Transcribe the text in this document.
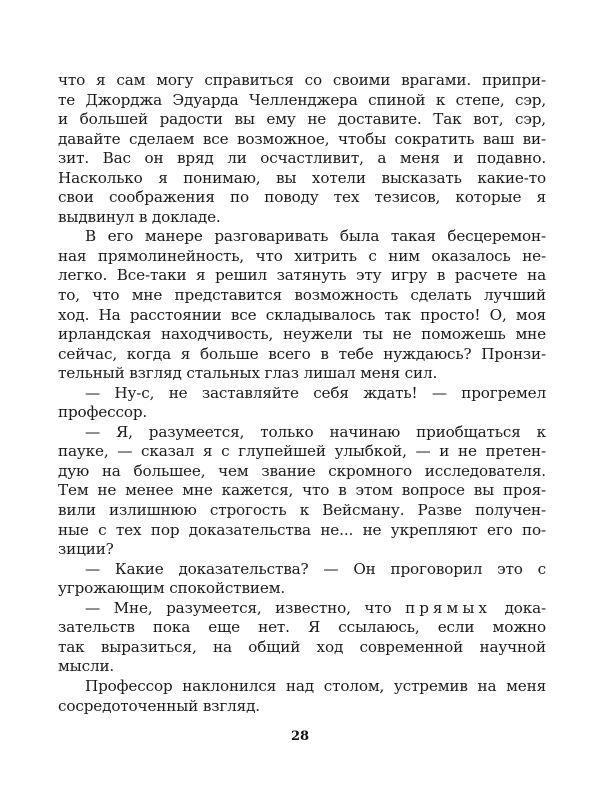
что я сам могу справиться со своими врагами. припри-
те Джорджа Эдуарда Челленджера спиной к степе, сэр,
и большей радости вы ему не доставите. Так вот, сэр,
давайте сделаем все возможное, чтобы сократить ваш ви-
зит. Вас он вряд ли осчастливит, а меня и подавно.
Насколько я понимаю, вы хотели высказать какие-то
свои соображения по поводу тех тезисов, которые я
выдвинул в докладе.
В его манере разговаривать была такая бесцеремон-
ная прямолинейность, что хитрить с ним оказалось не-
легко. Все-таки я решил затянуть эту игру в расчете на
то, что мне представится возможность сделать лучший
ход. На расстоянии все складывалось так просто! О, моя
ирландская находчивость, неужели ты не поможешь мне
сейчас, когда я больше всего в тебе нуждаюсь? Пронзи-
тельный взгляд стальных глаз лишал меня сил.
— Ну-с, не заставляйте себя ждать! — прогремел
профессор.
— Я, разумеется, только начинаю приобщаться к
пауке, — сказал я с глупейшей улыбкой, — и не претен-
дую на большее, чем звание скромного исследователя.
Тем не менее мне кажется, что в этом вопросе вы проя-
вили излишнюю строгость к Вейсману. Разве получен-
ные с тех пор доказательства не... не укрепляют его по-
зиции?
— Какие доказательства? — Он проговорил это с
угрожающим спокойствием.
— Мне, разумеется, известно, что прямых дока-
зательств пока еще нет. Я ссылаюсь, если можно
так выразиться, на общий ход современной научной
мысли.
Профессор наклонился над столом, устремив на меня
сосредоточенный взгляд.
28
